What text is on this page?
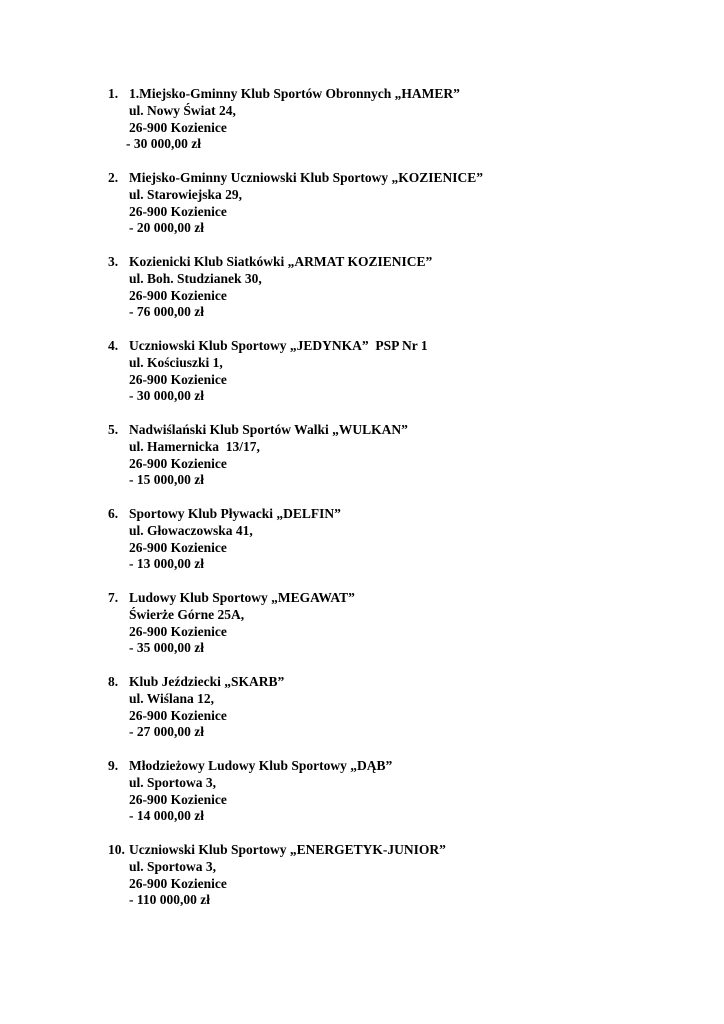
1. 1.Miejsko-Gminny Klub Sportów Obronnych „HAMER”
ul. Nowy Świat 24,
26-900 Kozienice
- 30 000,00 zł
2. Miejsko-Gminny Uczniowski Klub Sportowy „KOZIENICE”
ul. Starowiejska 29,
26-900 Kozienice
- 20 000,00 zł
3. Kozienicki Klub Siatkówki „ARMAT KOZIENICE”
ul. Boh. Studzianek 30,
26-900 Kozienice
- 76 000,00 zł
4. Uczniowski Klub Sportowy „JEDYNKA”  PSP Nr 1
ul. Kościuszki 1,
26-900 Kozienice
- 30 000,00 zł
5. Nadwiślański Klub Sportów Walki „WULKAN”
ul. Hamernicka  13/17,
26-900 Kozienice
- 15 000,00 zł
6. Sportowy Klub Pływacki „DELFIN”
ul. Głowaczowska 41,
26-900 Kozienice
- 13 000,00 zł
7. Ludowy Klub Sportowy „MEGAWAT”
Świerże Górne 25A,
26-900 Kozienice
- 35 000,00 zł
8. Klub Jeździecki „SKARB”
ul. Wiślana 12,
26-900 Kozienice
- 27 000,00 zł
9. Młodzieżowy Ludowy Klub Sportowy „DĄB”
ul. Sportowa 3,
26-900 Kozienice
- 14 000,00 zł
10. Uczniowski Klub Sportowy „ENERGETYK-JUNIOR”
ul. Sportowa 3,
26-900 Kozienice
- 110 000,00 zł
